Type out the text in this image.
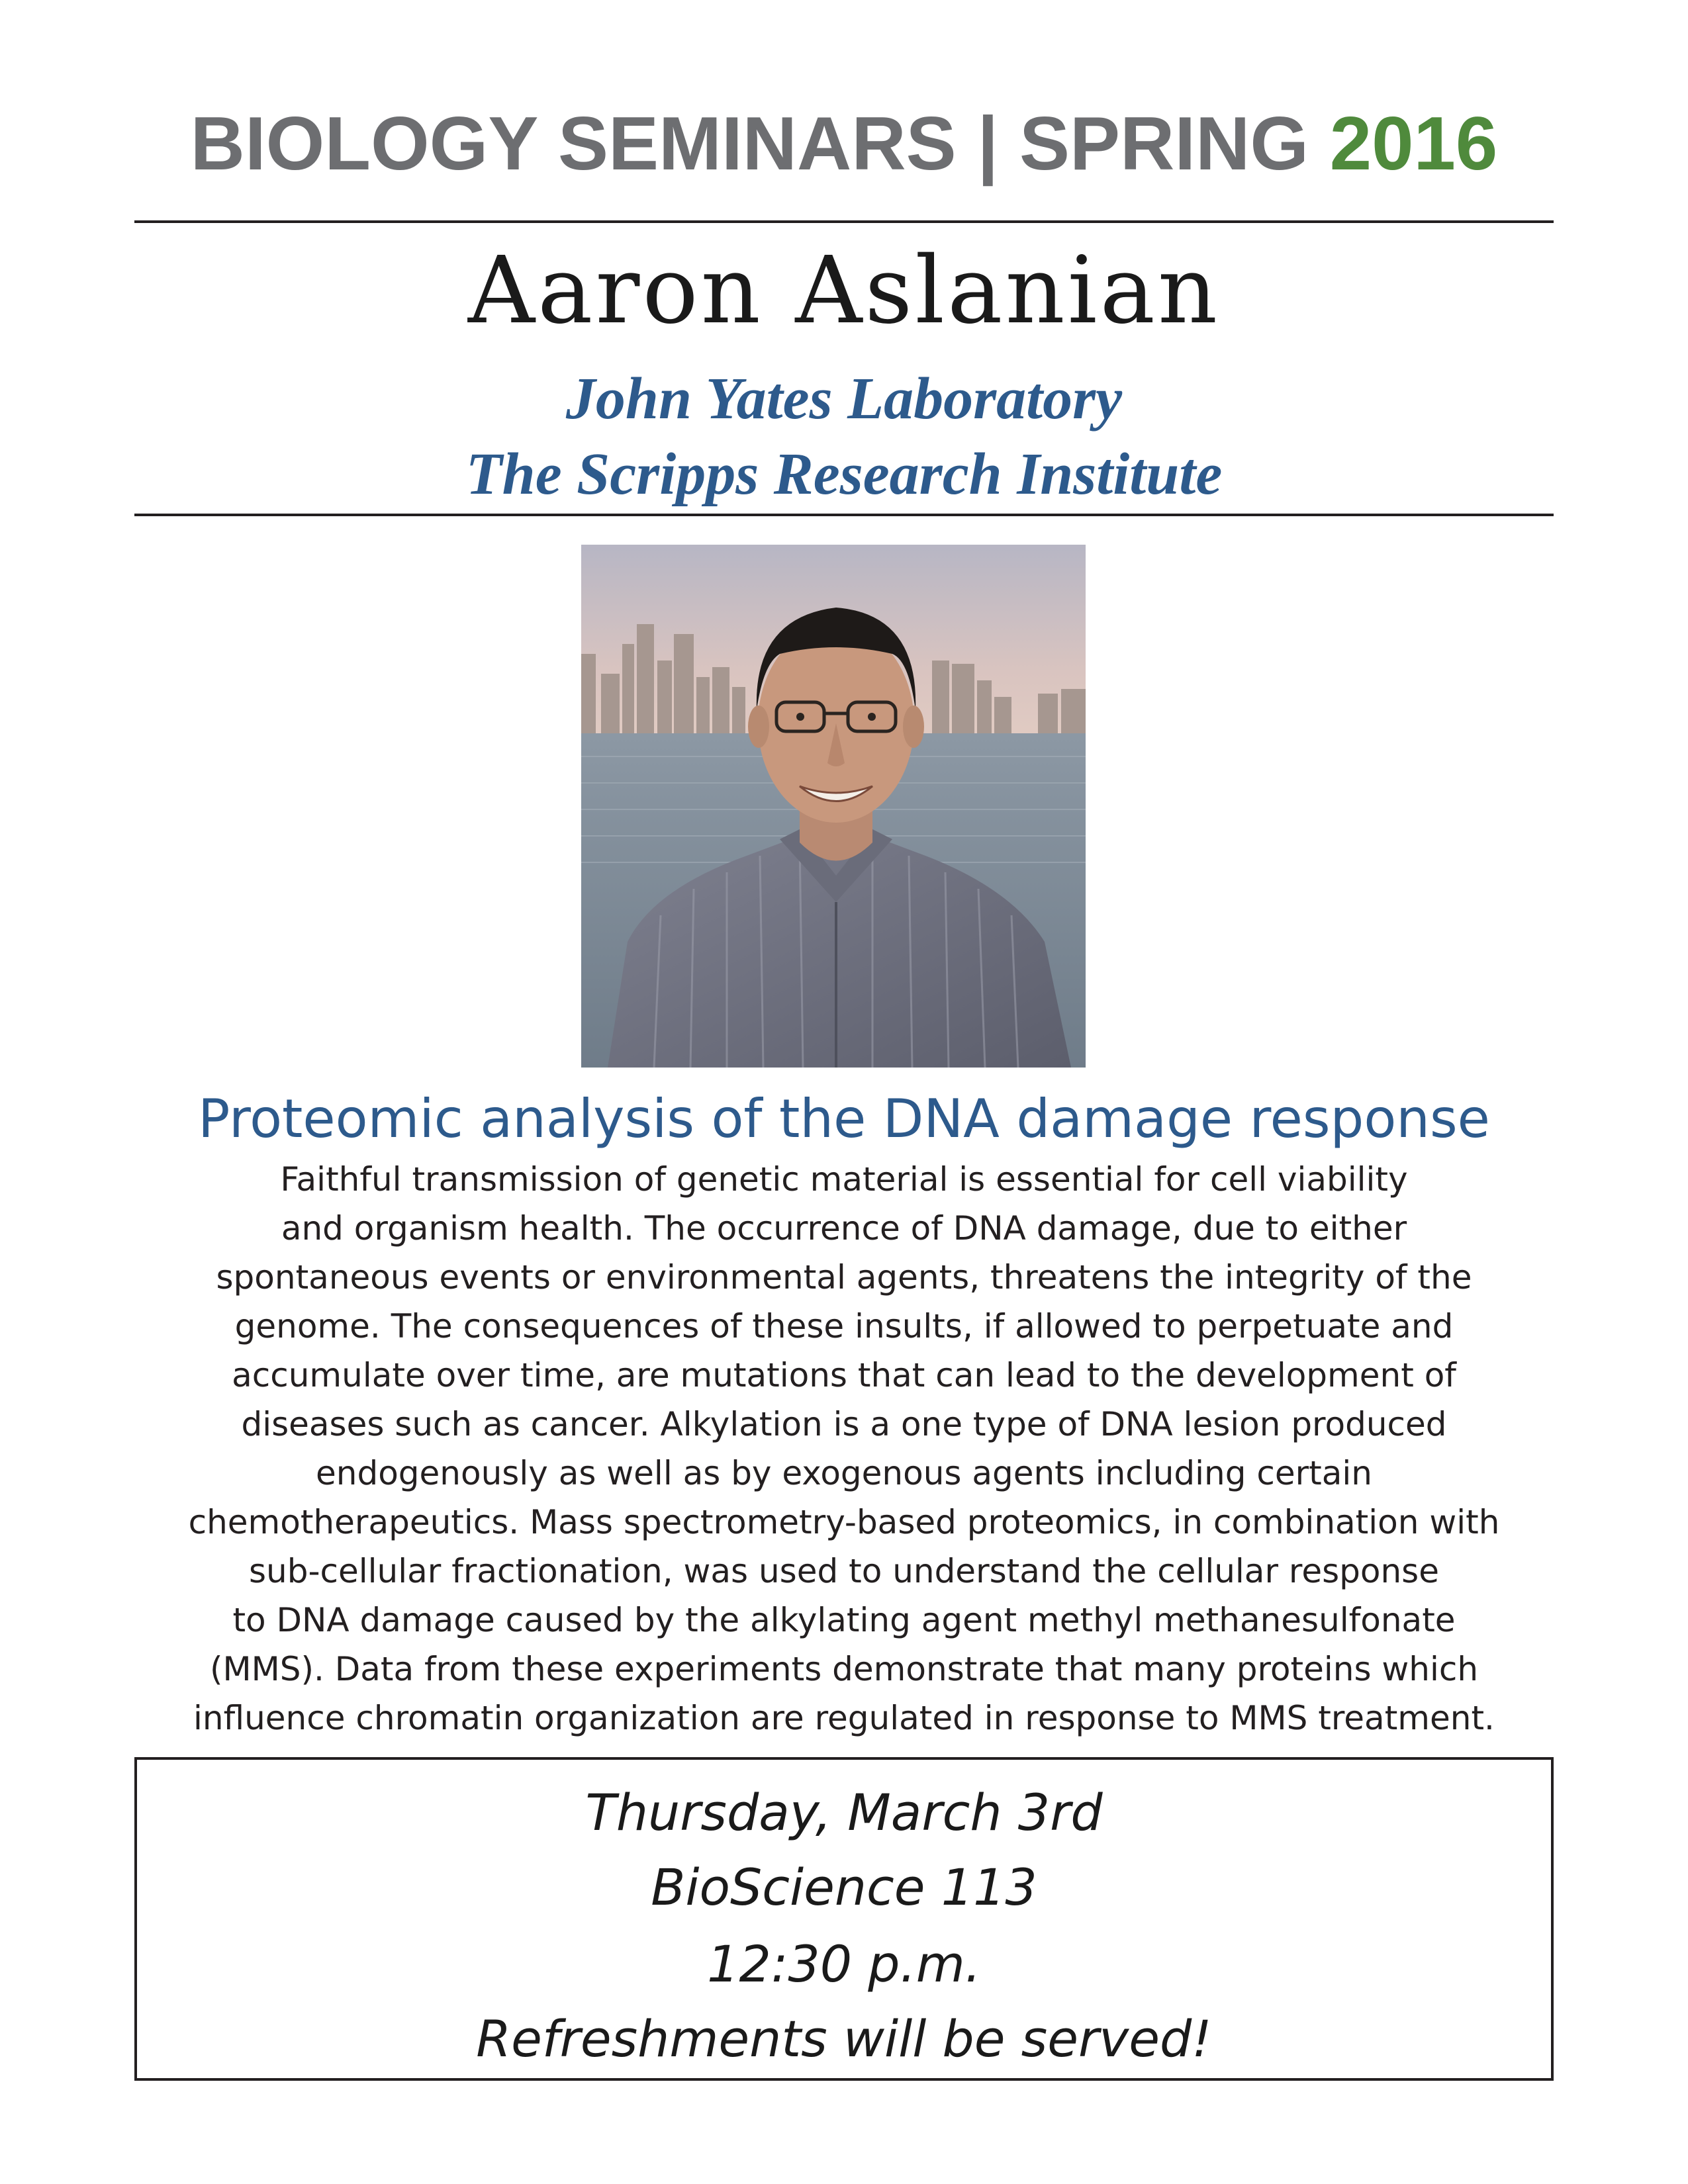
BIOLOGY SEMINARS | SPRING 2016
Aaron Aslanian
John Yates Laboratory
The Scripps Research Institute
Proteomic analysis of the DNA damage response
Faithful transmission of genetic material is essential for cell viability
and organism health. The occurrence of DNA damage, due to either
spontaneous events or environmental agents, threatens the integrity of the
genome. The consequences of these insults, if allowed to perpetuate and
accumulate over time, are mutations that can lead to the development of
diseases such as cancer. Alkylation is a one type of DNA lesion produced
endogenously as well as by exogenous agents including certain
chemotherapeutics. Mass spectrometry-based proteomics, in combination with
sub-cellular fractionation, was used to understand the cellular response
to DNA damage caused by the alkylating agent methyl methanesulfonate
(MMS). Data from these experiments demonstrate that many proteins which
influence chromatin organization are regulated in response to MMS treatment.
Thursday, March 3rd
BioScience 113
12:30 p.m.
Refreshments will be served!
